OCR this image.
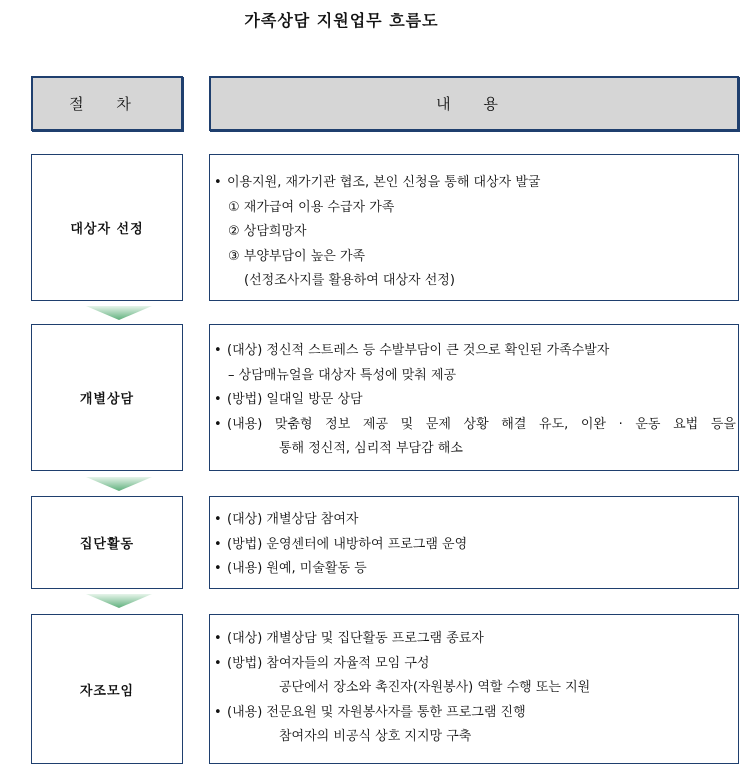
가족상담 지원업무 흐름도
절 차	내 용
대상자 선정
• 이용지원, 재가기관 협조, 본인 신청을 통해 대상자 발굴
① 재가급여 이용 수급자 가족
② 상담희망자
③ 부양부담이 높은 가족
(선정조사지를 활용하여 대상자 선정)
개별상담
• (대상) 정신적 스트레스 등 수발부담이 큰 것으로 확인된 가족수발자
– 상담매뉴얼을 대상자 특성에 맞춰 제공
• (방법) 일대일 방문 상담
• (내용) 맞춤형 정보 제공 및 문제 상황 해결 유도, 이완 · 운동 요법 등을
통해 정신적, 심리적 부담감 해소
집단활동
• (대상) 개별상담 참여자
• (방법) 운영센터에 내방하여 프로그램 운영
• (내용) 원예, 미술활동 등
자조모임
• (대상) 개별상담 및 집단활동 프로그램 종료자
• (방법) 참여자들의 자율적 모임 구성
공단에서 장소와 촉진자(자원봉사) 역할 수행 또는 지원
• (내용) 전문요원 및 자원봉사자를 통한 프로그램 진행
참여자의 비공식 상호 지지망 구축
